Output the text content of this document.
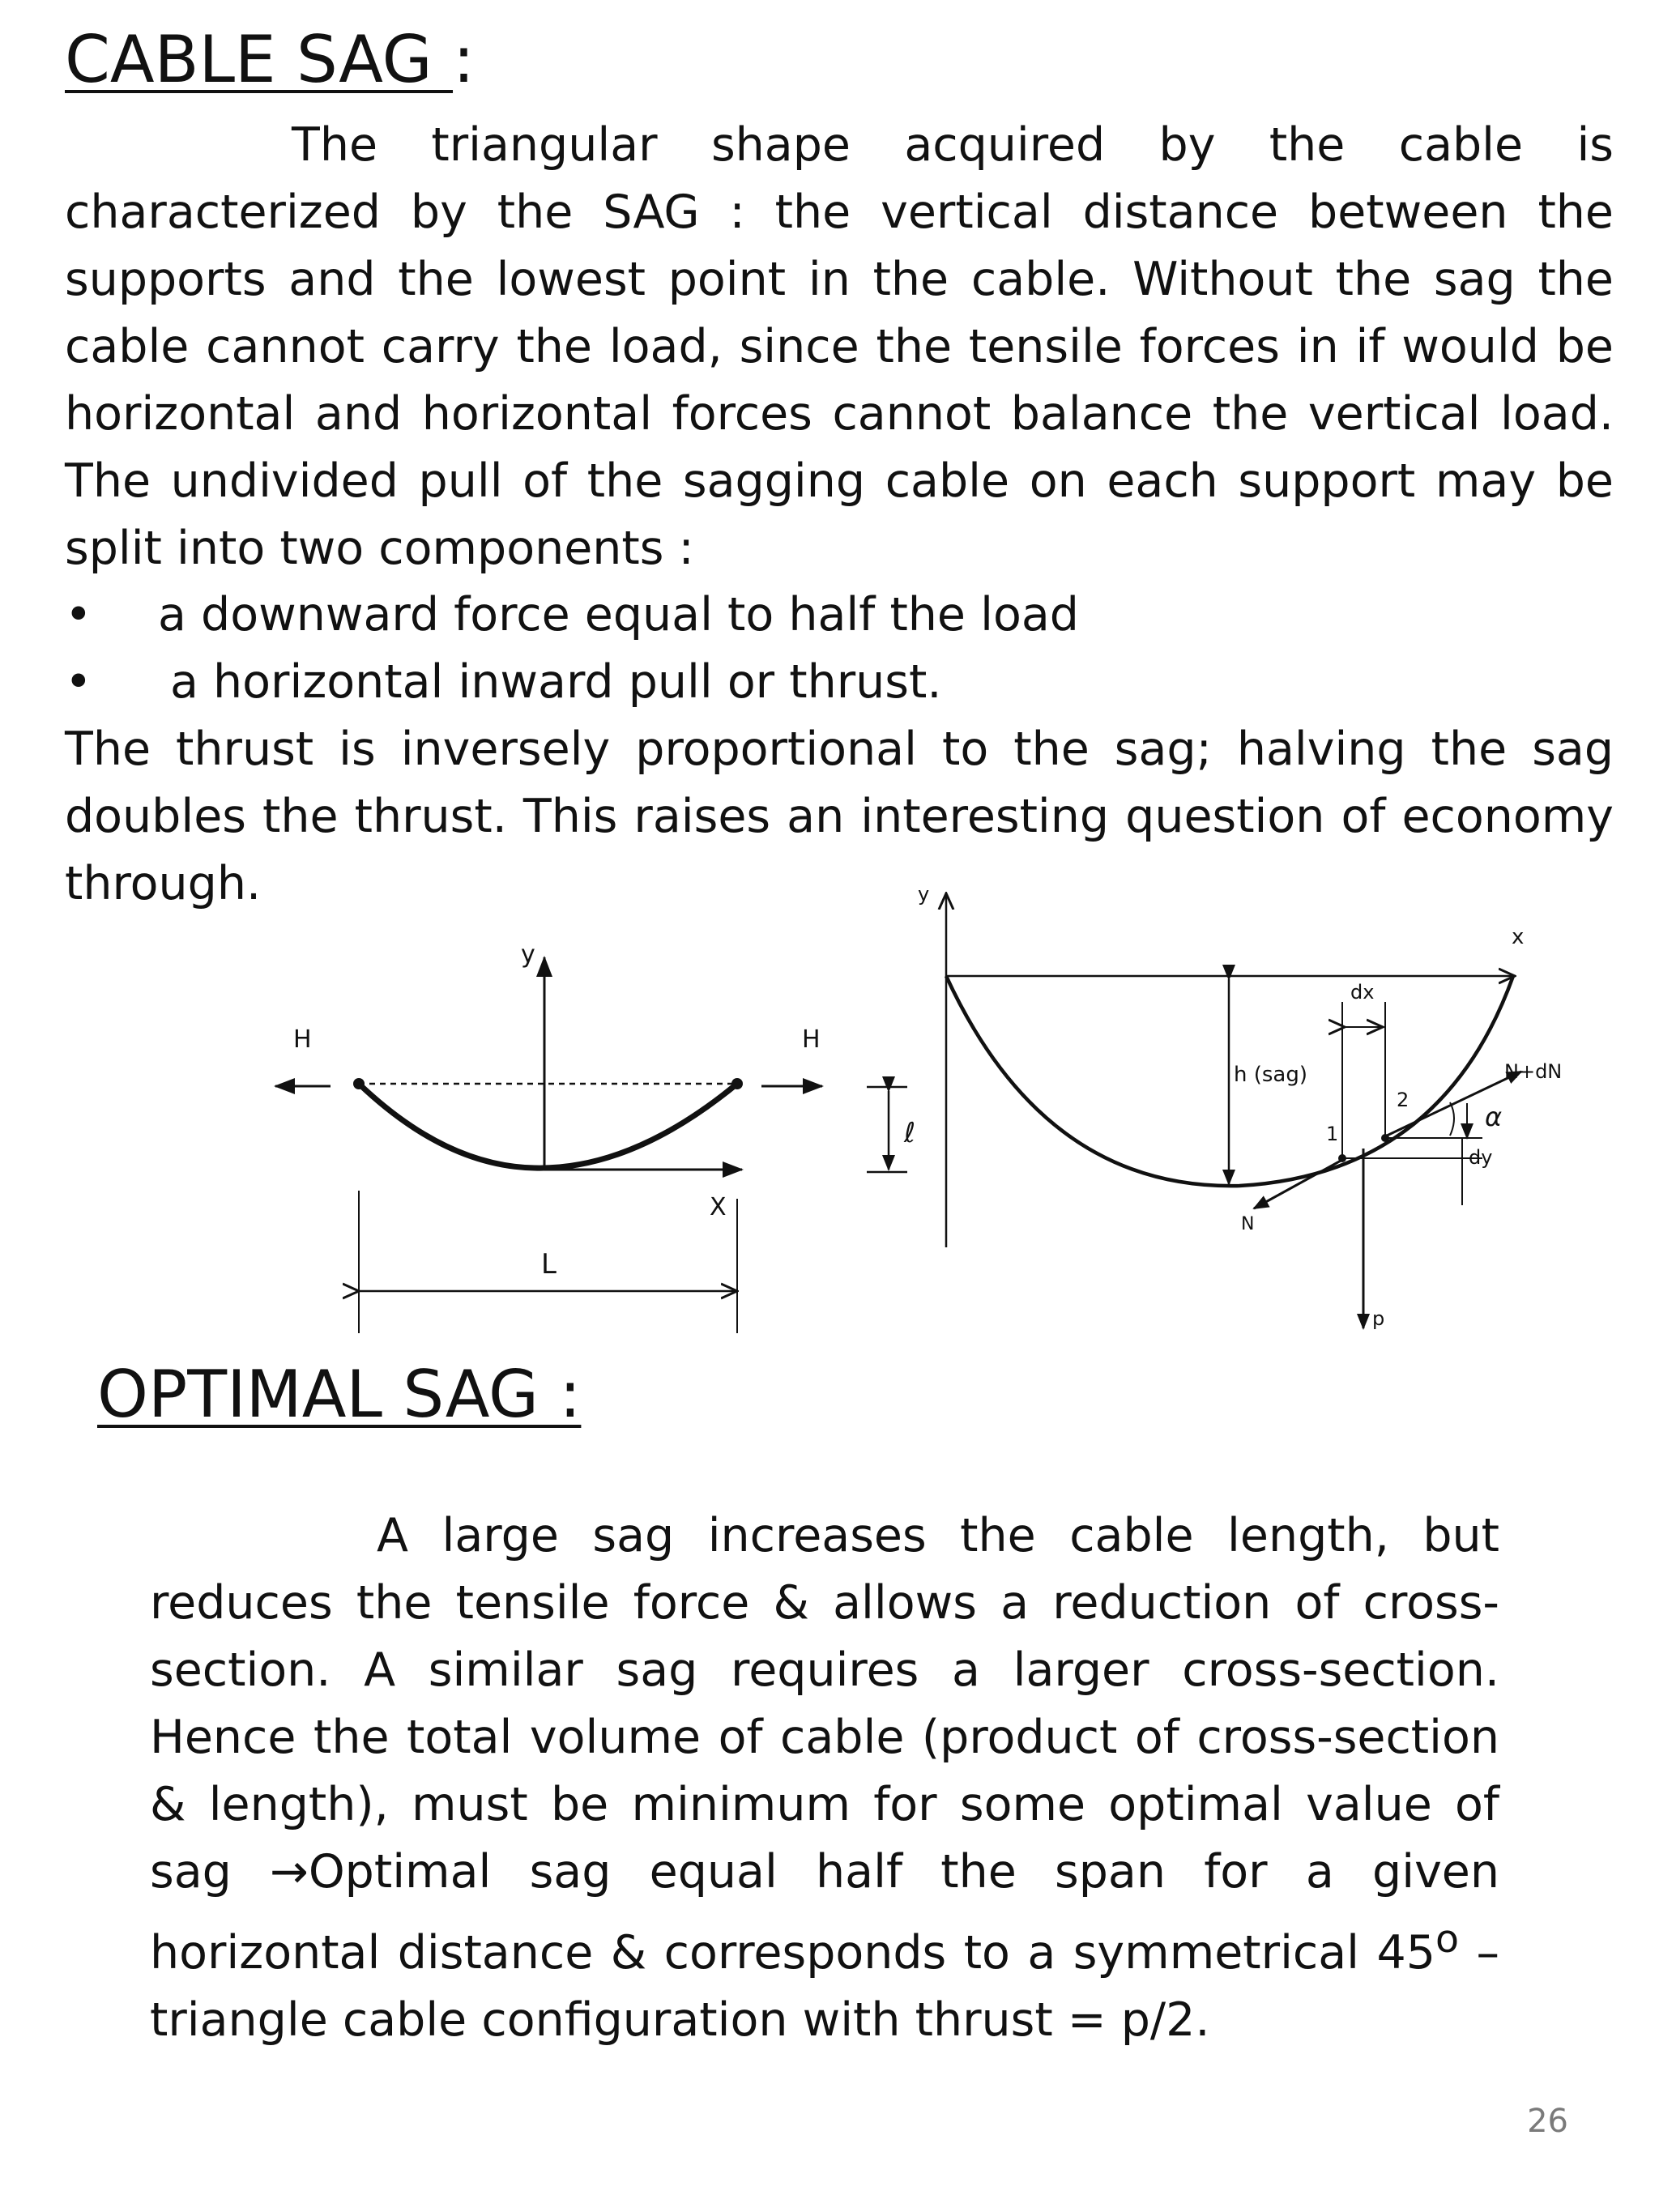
CABLE SAG :

The triangular shape acquired by the cable is characterized by the SAG : the vertical distance between the supports and the lowest point in the cable. Without the sag the cable cannot carry the load, since the tensile forces in if would be horizontal and horizontal forces cannot balance the vertical load. The undivided pull of the sagging cable on each support may be split into two components :

• a downward force equal to half the load
• a horizontal inward pull or thrust.

The thrust is inversely proportional to the sag; halving the sag doubles the thrust. This raises an interesting question of economy through.

H	H
y
X
L
ℓ
y
x
dx
h (sag)	N+dN
α
dy
1
2
N
p
OPTIMAL SAG :

A large sag increases the cable length, but reduces the tensile force & allows a reduction of cross-section. A similar sag requires a larger cross-section. Hence the total volume of cable (product of cross-section & length), must be minimum for some optimal value of sag →Optimal sag equal half the span for a given horizontal distance & corresponds to a symmetrical 45$^o$ – triangle cable configuration with thrust = p/2.

26
